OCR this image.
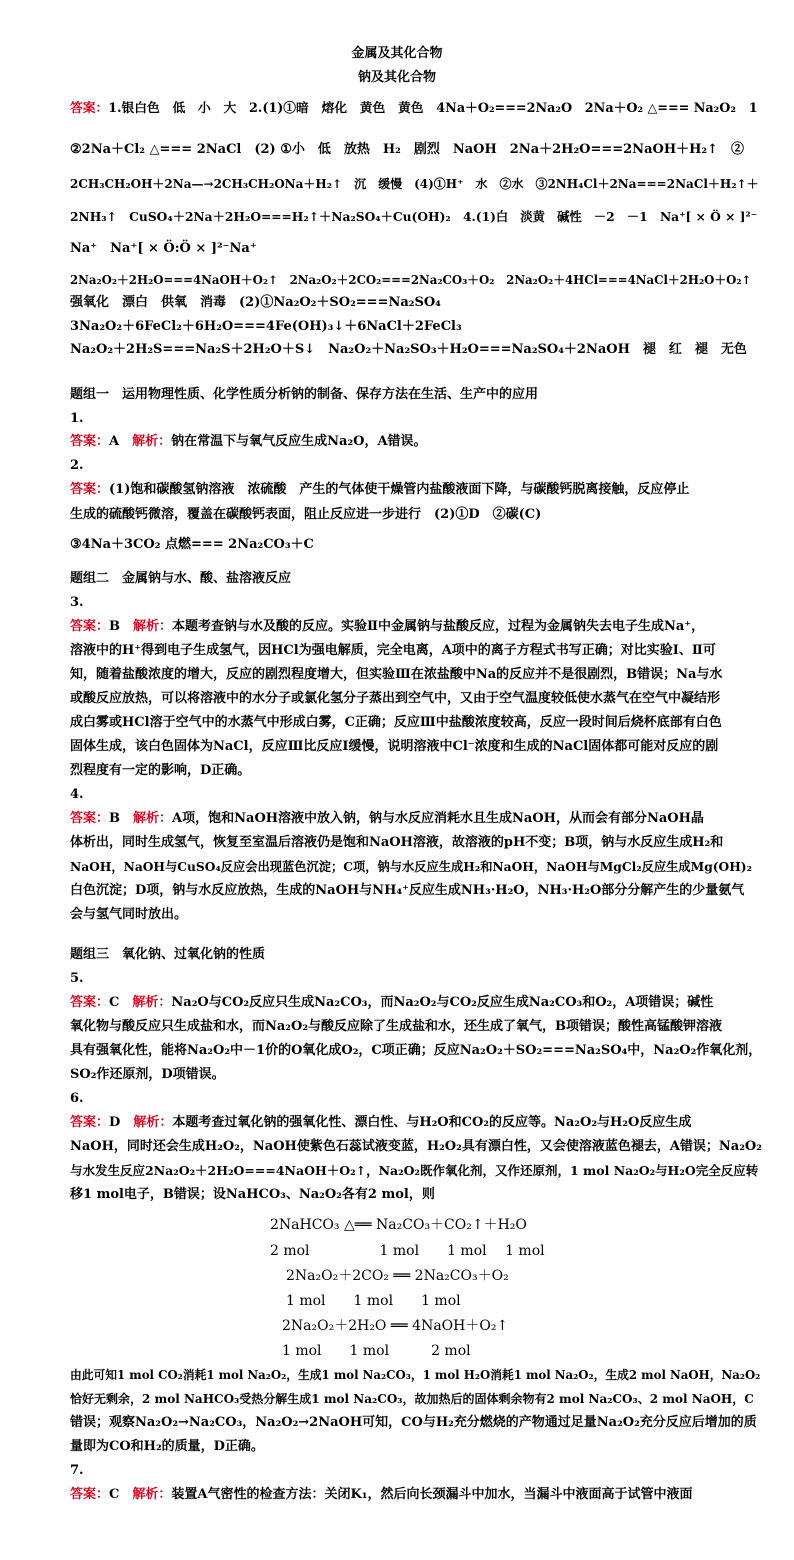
金属及其化合物
钠及其化合物
答案：1.银白色　低　小　大　2.(1)①暗　熔化　黄色　黄色　4Na＋O₂===2Na₂O　2Na＋O₂ △=== Na₂O₂　1
②2Na＋Cl₂ △=== 2NaCl　(2) ①小　低　放热　H₂　剧烈　NaOH　2Na＋2H₂O===2NaOH＋H₂↑　②
2CH₃CH₂OH＋2Na—→2CH₃CH₂ONa＋H₂↑　沉　缓慢　(4)①H⁺　水　②水　③2NH₄Cl＋2Na===2NaCl＋H₂↑＋
2NH₃↑　CuSO₄＋2Na＋2H₂O===H₂↑＋Na₂SO₄＋Cu(OH)₂　4.(1)白　淡黄　碱性　－2　－1　Na⁺[ × Ö × ]²⁻
Na⁺　Na⁺[ × Ö:Ö × ]²⁻Na⁺
2Na₂O₂＋2H₂O===4NaOH＋O₂↑　2Na₂O₂＋2CO₂===2Na₂CO₃＋O₂　2Na₂O₂＋4HCl===4NaCl＋2H₂O＋O₂↑
强氧化　漂白　供氧　消毒　(2)①Na₂O₂＋SO₂===Na₂SO₄
3Na₂O₂＋6FeCl₂＋6H₂O===4Fe(OH)₃↓＋6NaCl＋2FeCl₃
Na₂O₂＋2H₂S===Na₂S＋2H₂O＋S↓　Na₂O₂＋Na₂SO₃＋H₂O===Na₂SO₄＋2NaOH　褪　红　褪　无色
题组一　运用物理性质、化学性质分析钠的制备、保存方法在生活、生产中的应用
1.
答案：A　 解析：钠在常温下与氧气反应生成Na₂O，A错误。
2.
答案：(1)饱和碳酸氢钠溶液　浓硫酸　产生的气体使干燥管内盐酸液面下降，与碳酸钙脱离接触，反应停止
生成的硫酸钙微溶，覆盖在碳酸钙表面，阻止反应进一步进行　(2)①D　②碳(C)
③4Na＋3CO₂ 点燃=== 2Na₂CO₃＋C
题组二　金属钠与水、酸、盐溶液反应
3.
答案：B　 解析：本题考查钠与水及酸的反应。实验Ⅱ中金属钠与盐酸反应，过程为金属钠失去电子生成Na⁺，
溶液中的H⁺得到电子生成氢气，因HCl为强电解质，完全电离，A项中的离子方程式书写正确；对比实验Ⅰ、Ⅱ可
知，随着盐酸浓度的增大，反应的剧烈程度增大，但实验Ⅲ在浓盐酸中Na的反应并不是很剧烈，B错误；Na与水
或酸反应放热，可以将溶液中的水分子或氯化氢分子蒸出到空气中，又由于空气温度较低使水蒸气在空气中凝结形
成白雾或HCl溶于空气中的水蒸气中形成白雾，C正确；反应Ⅲ中盐酸浓度较高，反应一段时间后烧杯底部有白色
固体生成，该白色固体为NaCl，反应Ⅲ比反应Ⅰ缓慢，说明溶液中Cl⁻浓度和生成的NaCl固体都可能对反应的剧
烈程度有一定的影响，D正确。
4.
答案：B　 解析：A项，饱和NaOH溶液中放入钠，钠与水反应消耗水且生成NaOH，从而会有部分NaOH晶
体析出，同时生成氢气，恢复至室温后溶液仍是饱和NaOH溶液，故溶液的pH不变；B项，钠与水反应生成H₂和
NaOH，NaOH与CuSO₄反应会出现蓝色沉淀；C项，钠与水反应生成H₂和NaOH，NaOH与MgCl₂反应生成Mg(OH)₂
白色沉淀；D项，钠与水反应放热，生成的NaOH与NH₄⁺反应生成NH₃·H₂O，NH₃·H₂O部分分解产生的少量氨气
会与氢气同时放出。
题组三　氧化钠、过氧化钠的性质
5.
答案：C　 解析：Na₂O与CO₂反应只生成Na₂CO₃，而Na₂O₂与CO₂反应生成Na₂CO₃和O₂，A项错误；碱性
氧化物与酸反应只生成盐和水，而Na₂O₂与酸反应除了生成盐和水，还生成了氧气，B项错误；酸性高锰酸钾溶液
具有强氧化性，能将Na₂O₂中－1价的O氧化成O₂，C项正确；反应Na₂O₂＋SO₂===Na₂SO₄中，Na₂O₂作氧化剂，
SO₂作还原剂，D项错误。
6.
答案：D　 解析：本题考查过氧化钠的强氧化性、漂白性、与H₂O和CO₂的反应等。Na₂O₂与H₂O反应生成
NaOH，同时还会生成H₂O₂，NaOH使紫色石蕊试液变蓝，H₂O₂具有漂白性，又会使溶液蓝色褪去，A错误；Na₂O₂
与水发生反应2Na₂O₂＋2H₂O===4NaOH＋O₂↑，Na₂O₂既作氧化剂，又作还原剂，1 mol Na₂O₂与H₂O完全反应转
移1 mol电子，B错误；设NaHCO₃、Na₂O₂各有2 mol，则
2NaHCO₃ △══ Na₂CO₃＋CO₂↑＋H₂O
2 mol　　　　　1 mol　　1 mol　 1 mol
2Na₂O₂＋2CO₂ ══ 2Na₂CO₃＋O₂
1 mol　　1 mol　　1 mol
2Na₂O₂＋2H₂O ══ 4NaOH＋O₂↑
1 mol　　1 mol　　　2 mol
由此可知1 mol CO₂消耗1 mol Na₂O₂，生成1 mol Na₂CO₃，1 mol H₂O消耗1 mol Na₂O₂，生成2 mol NaOH，Na₂O₂
恰好无剩余，2 mol NaHCO₃受热分解生成1 mol Na₂CO₃，故加热后的固体剩余物有2 mol Na₂CO₃、2 mol NaOH，C
错误；观察Na₂O₂→Na₂CO₃，Na₂O₂→2NaOH可知，CO与H₂充分燃烧的产物通过足量Na₂O₂充分反应后增加的质
量即为CO和H₂的质量，D正确。
7.
答案：C　 解析：装置A气密性的检查方法：关闭K₁，然后向长颈漏斗中加水，当漏斗中液面高于试管中液面
